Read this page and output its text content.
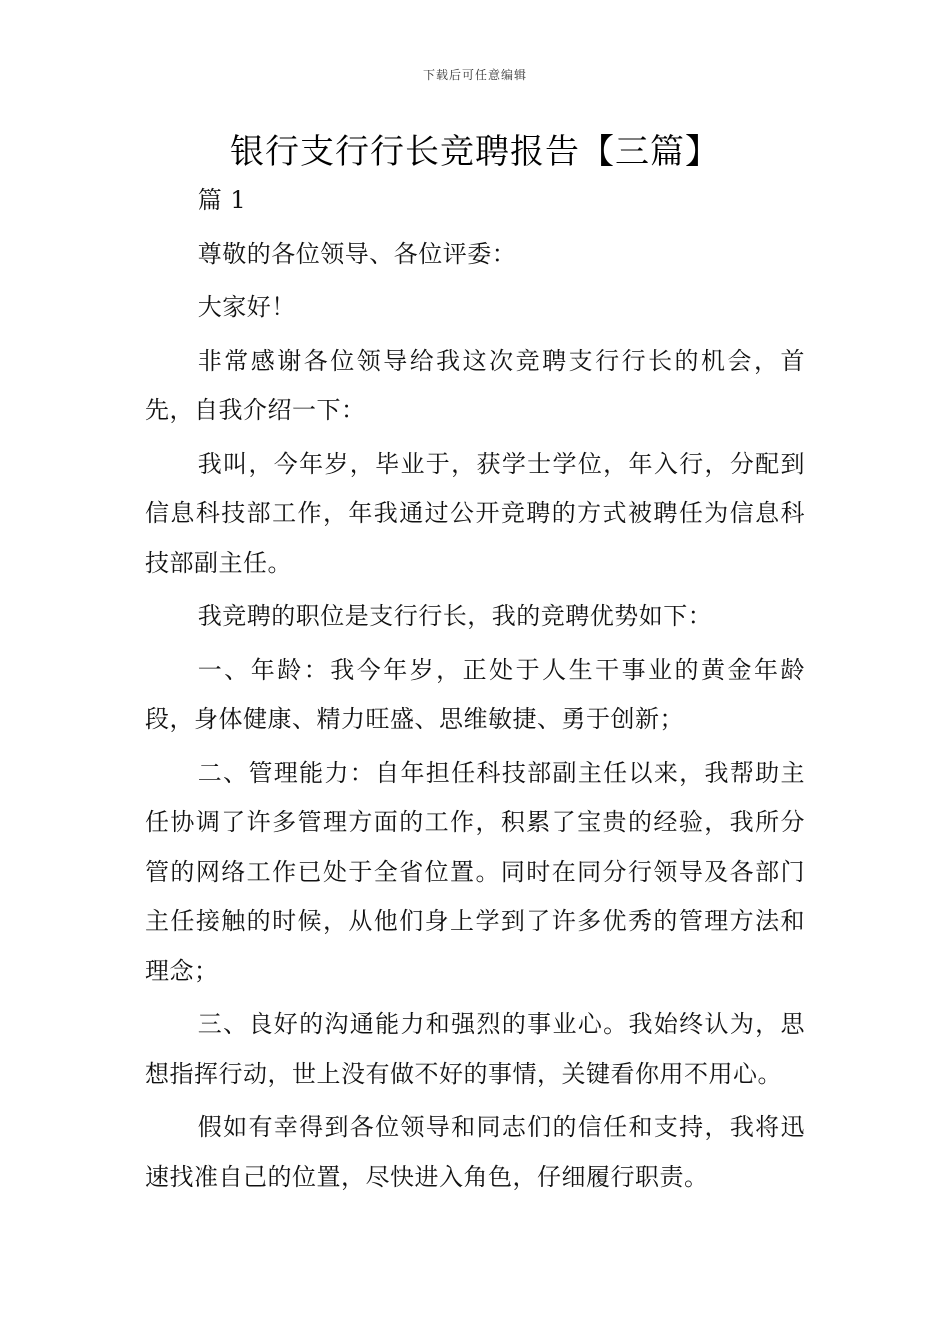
下载后可任意编辑
银行支行行长竞聘报告【三篇】

篇 1

尊敬的各位领导、各位评委：

大家好！

非常感谢各位领导给我这次竞聘支行行长的机会，首先，自我介绍一下：

我叫，今年岁，毕业于，获学士学位，年入行，分配到信息科技部工作，年我通过公开竞聘的方式被聘任为信息科技部副主任。

我竞聘的职位是支行行长，我的竞聘优势如下：

一、年龄：我今年岁，正处于人生干事业的黄金年龄段，身体健康、精力旺盛、思维敏捷、勇于创新；

二、管理能力：自年担任科技部副主任以来，我帮助主任协调了许多管理方面的工作，积累了宝贵的经验，我所分管的网络工作已处于全省位置。同时在同分行领导及各部门主任接触的时候，从他们身上学到了许多优秀的管理方法和理念；

三、良好的沟通能力和强烈的事业心。我始终认为，思想指挥行动，世上没有做不好的事情，关键看你用不用心。

假如有幸得到各位领导和同志们的信任和支持，我将迅速找准自己的位置，尽快进入角色，仔细履行职责。
